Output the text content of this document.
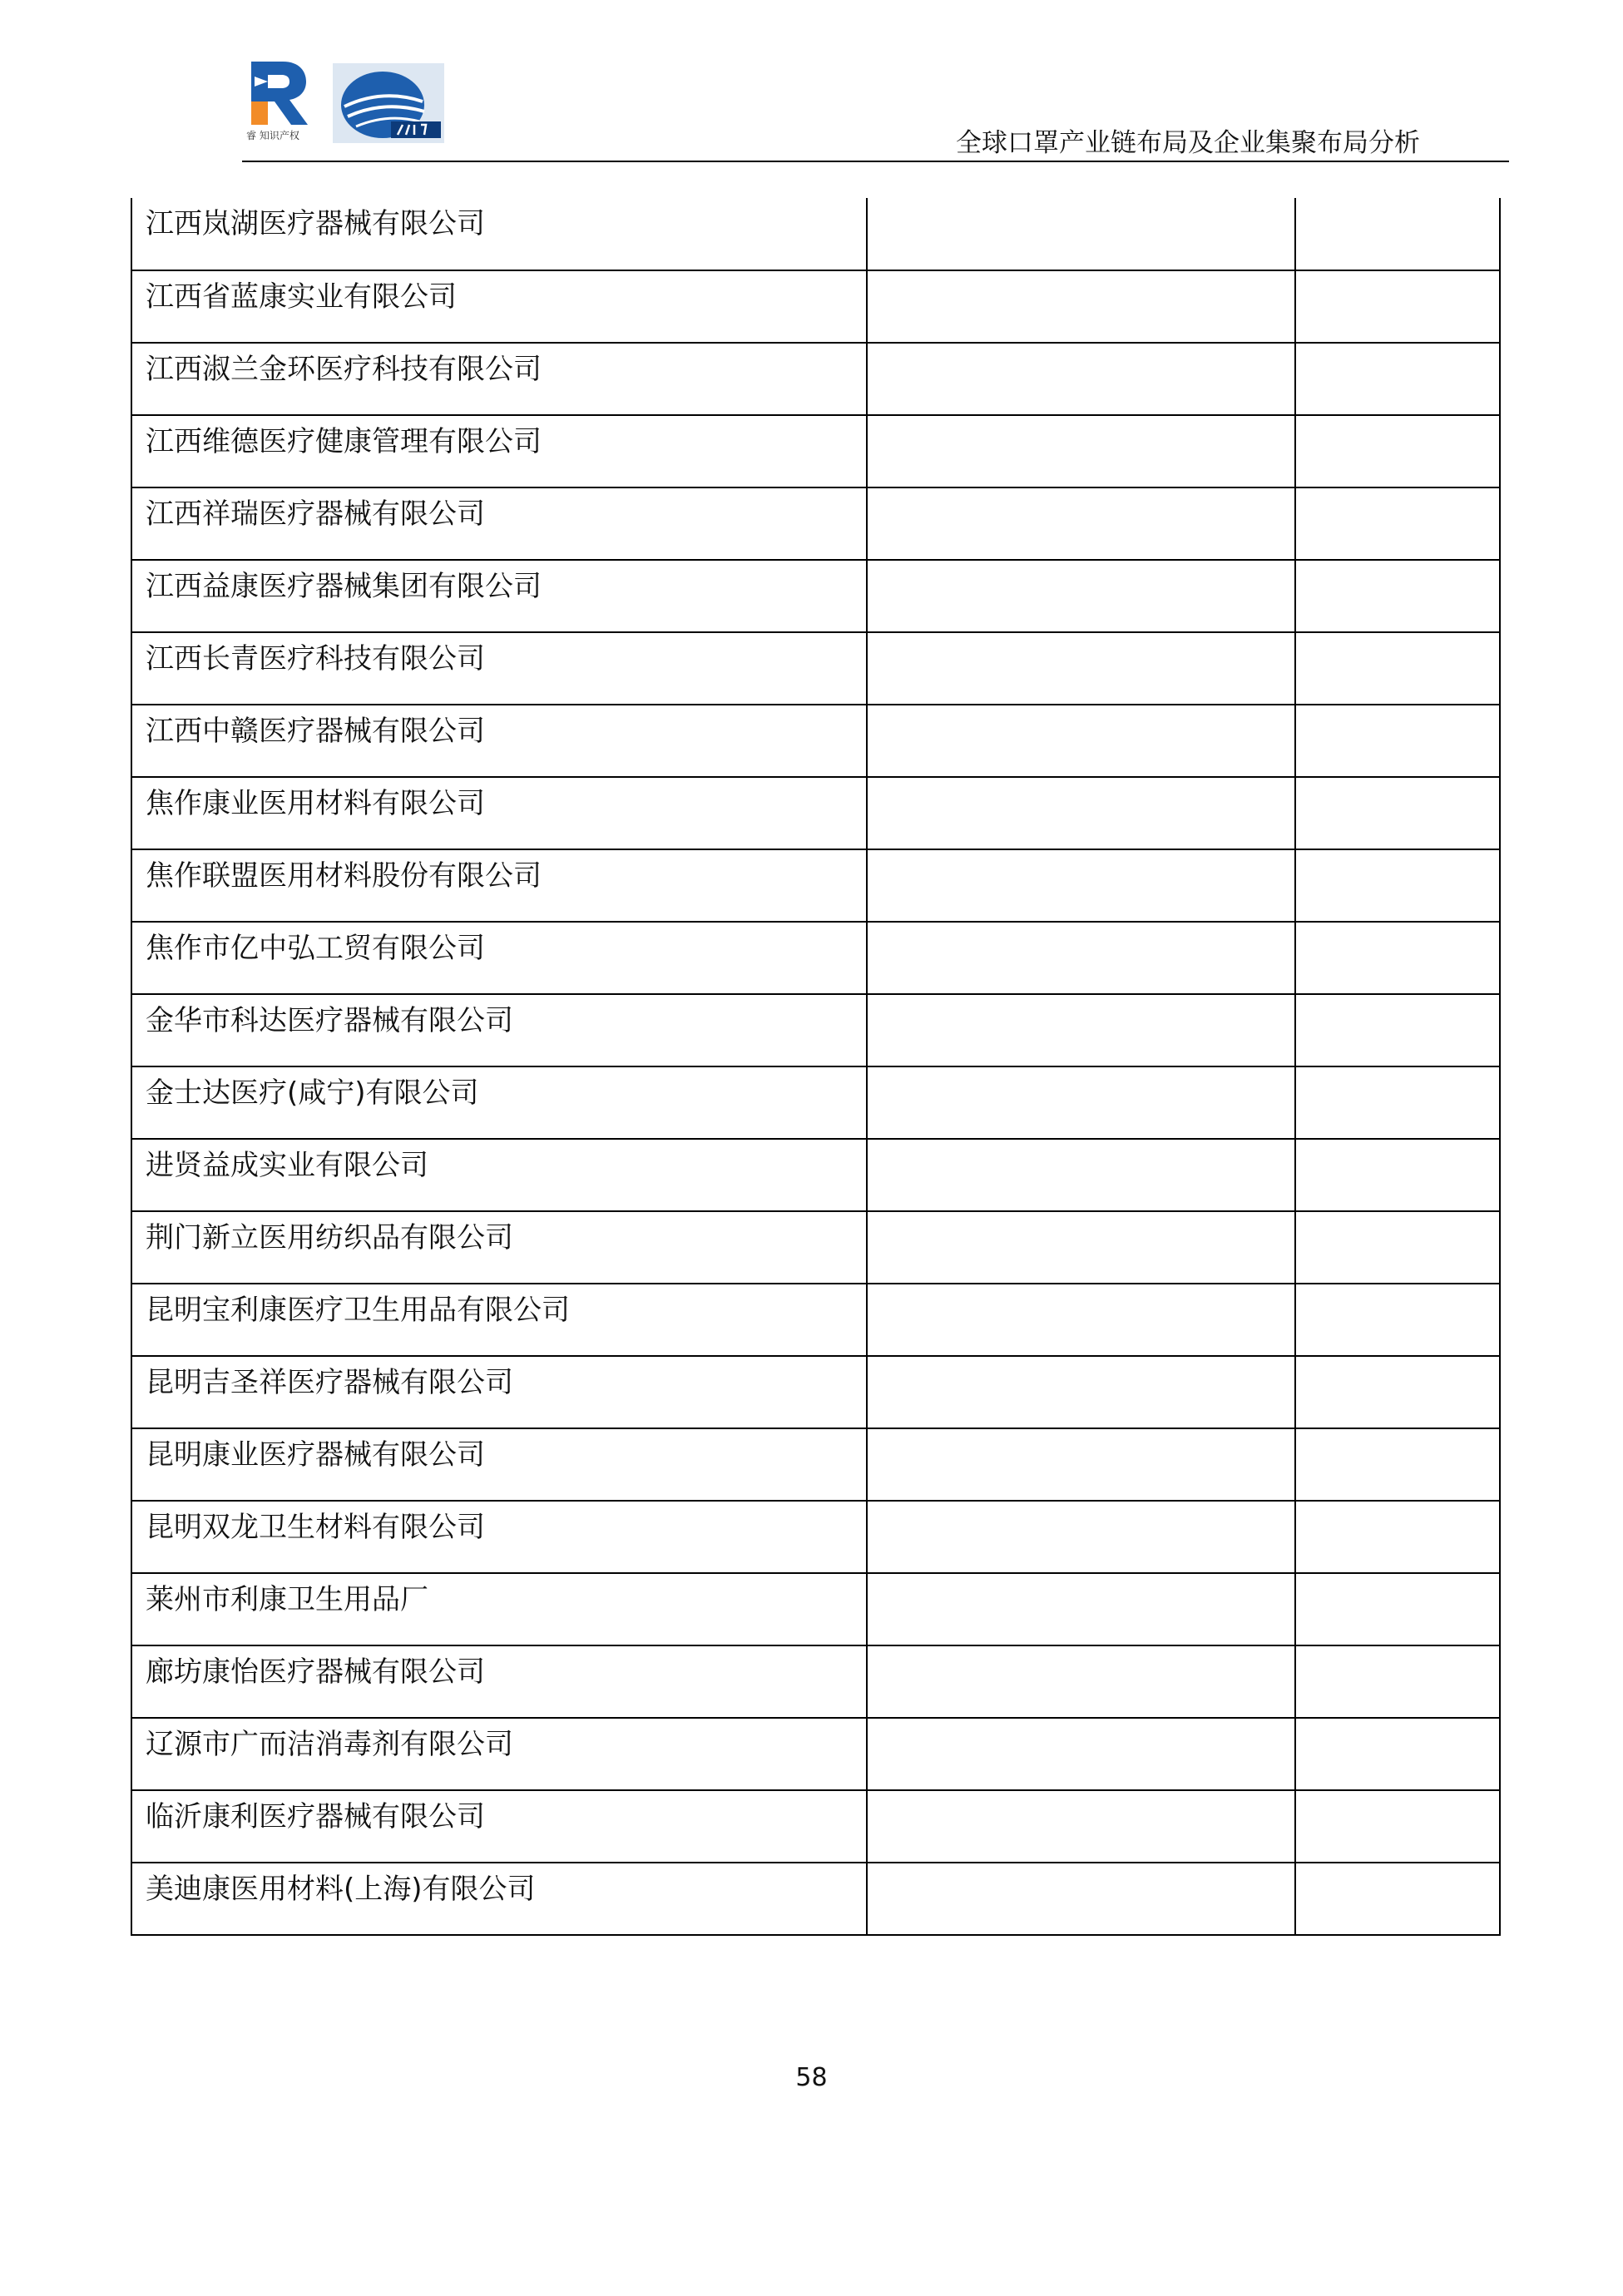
睿 知识产权	全球口罩产业链布局及企业集聚布局分析
江西岚湖医疗器械有限公司		

江西省蓝康实业有限公司		

江西淑兰金环医疗科技有限公司		

江西维德医疗健康管理有限公司		

江西祥瑞医疗器械有限公司		

江西益康医疗器械集团有限公司		

江西长青医疗科技有限公司		

江西中赣医疗器械有限公司		

焦作康业医用材料有限公司		

焦作联盟医用材料股份有限公司		

焦作市亿中弘工贸有限公司		

金华市科达医疗器械有限公司		

金士达医疗(咸宁)有限公司		

进贤益成实业有限公司		

荆门新立医用纺织品有限公司		

昆明宝利康医疗卫生用品有限公司		

昆明吉圣祥医疗器械有限公司		

昆明康业医疗器械有限公司		

昆明双龙卫生材料有限公司		

莱州市利康卫生用品厂		

廊坊康怡医疗器械有限公司		

辽源市广而洁消毒剂有限公司		

临沂康利医疗器械有限公司		

美迪康医用材料(上海)有限公司		

58
